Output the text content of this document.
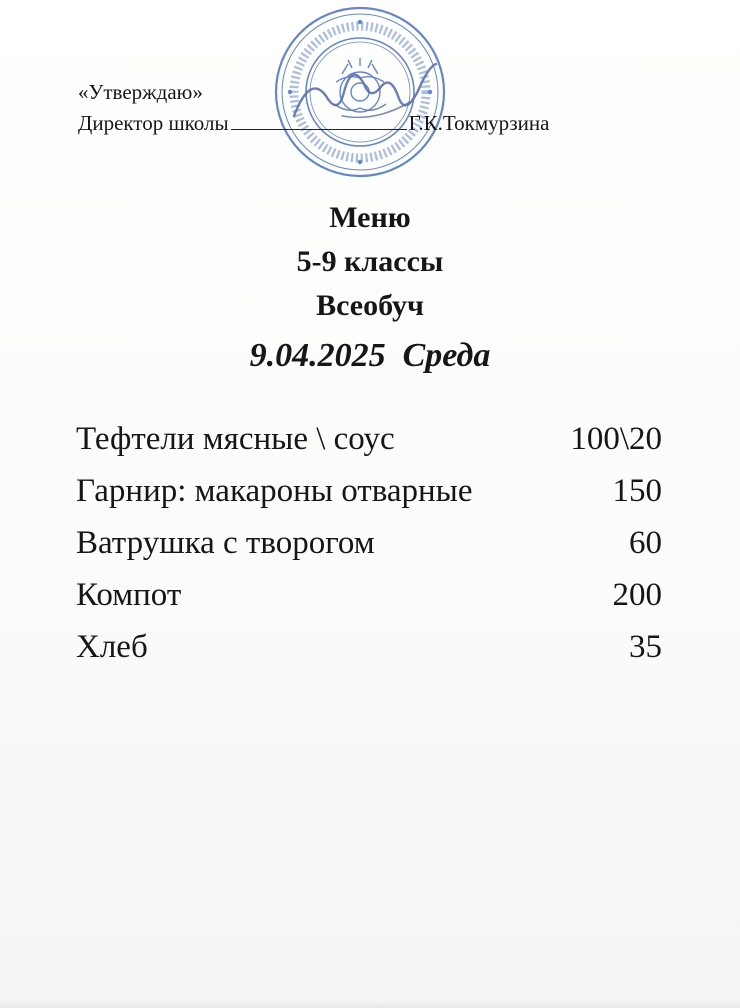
«Утверждаю»
Директор школы	Г.К.Токмурзина
Меню
5-9 классы
Всеобуч
9.04.2025  Среда
Тефтели мясные \ соус	100\20
Гарнир: макароны отварные	150
Ватрушка с творогом	60
Компот	200
Хлеб	35
